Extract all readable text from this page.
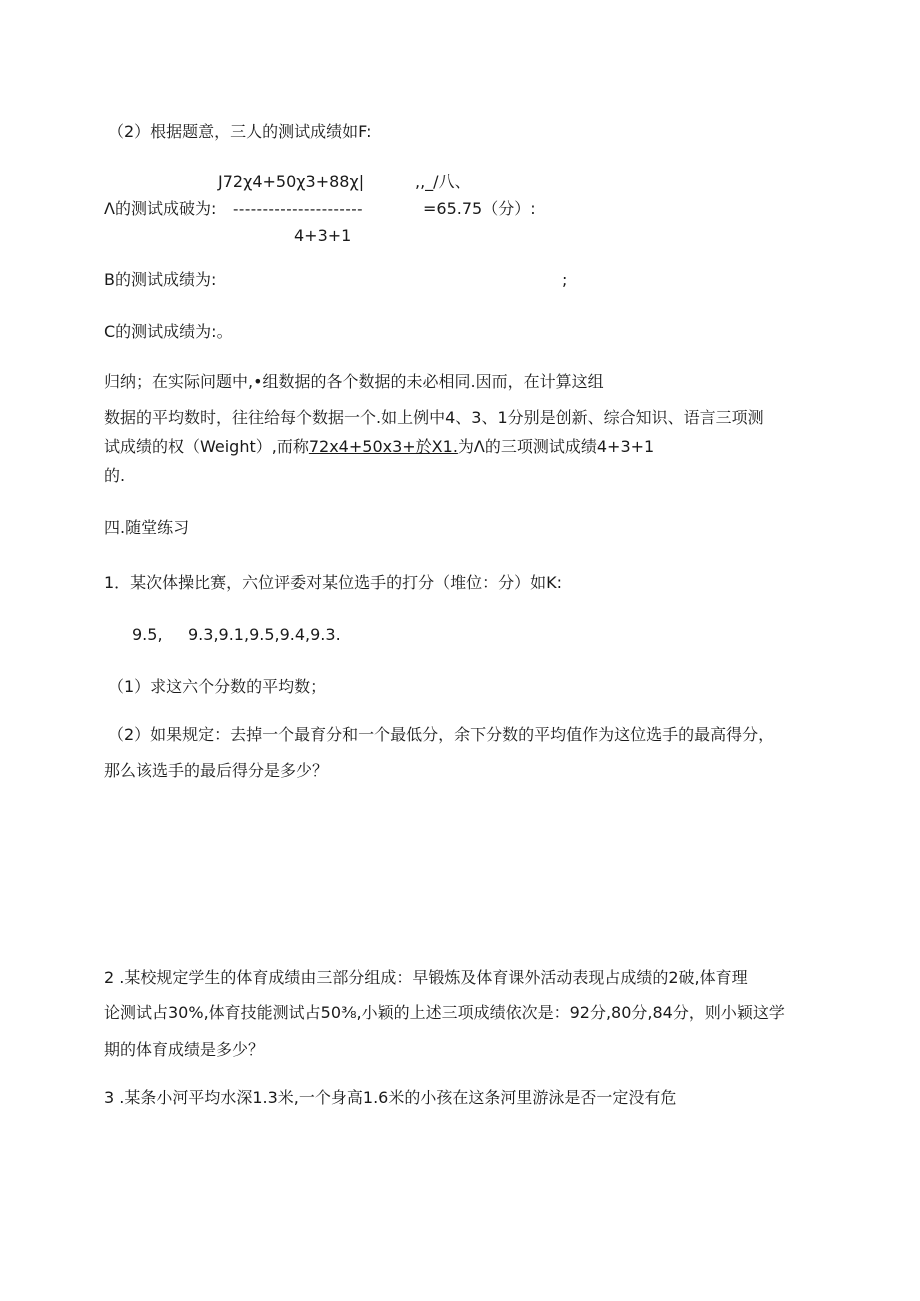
（2）根据题意，三人的测试成绩如F:
J72χ4+50χ3+88χ|	,,_/八、
Λ的测试成破为: ----------------------	=65.75（分）:
4+3+1
B的测试成绩为:	;
C的测试成绩为:。
归纳；在实际问题中,•组数据的各个数据的未必相同.因而，在计算这组
数据的平均数时，往往给每个数据一个.如上例中4、3、1分别是创新、综合知识、语言三项测
试成绩的权（Weight）,而称72x4+50x3+於X1.为Λ的三项测试成绩4+3+1
的.
四.随堂练习
1．某次体操比赛，六位评委对某位选手的打分（堆位：分）如K:
9.5, 9.3,9.1,9.5,9.4,9.3.
（1）求这六个分数的平均数；
（2）如果规定：去掉一个最育分和一个最低分，余下分数的平均值作为这位选手的最高得分，
那么该选手的最后得分是多少？
2 .某校规定学生的体育成绩由三部分组成：早锻炼及体育课外活动表现占成绩的2破,体育理
论测试占30%,体育技能测试占50⅜,小颖的上述三项成绩依次是：92分,80分,84分，则小颖这学
期的体育成绩是多少？
3 .某条小河平均水深1.3米,一个身高1.6米的小孩在这条河里游泳是否一定没有危
